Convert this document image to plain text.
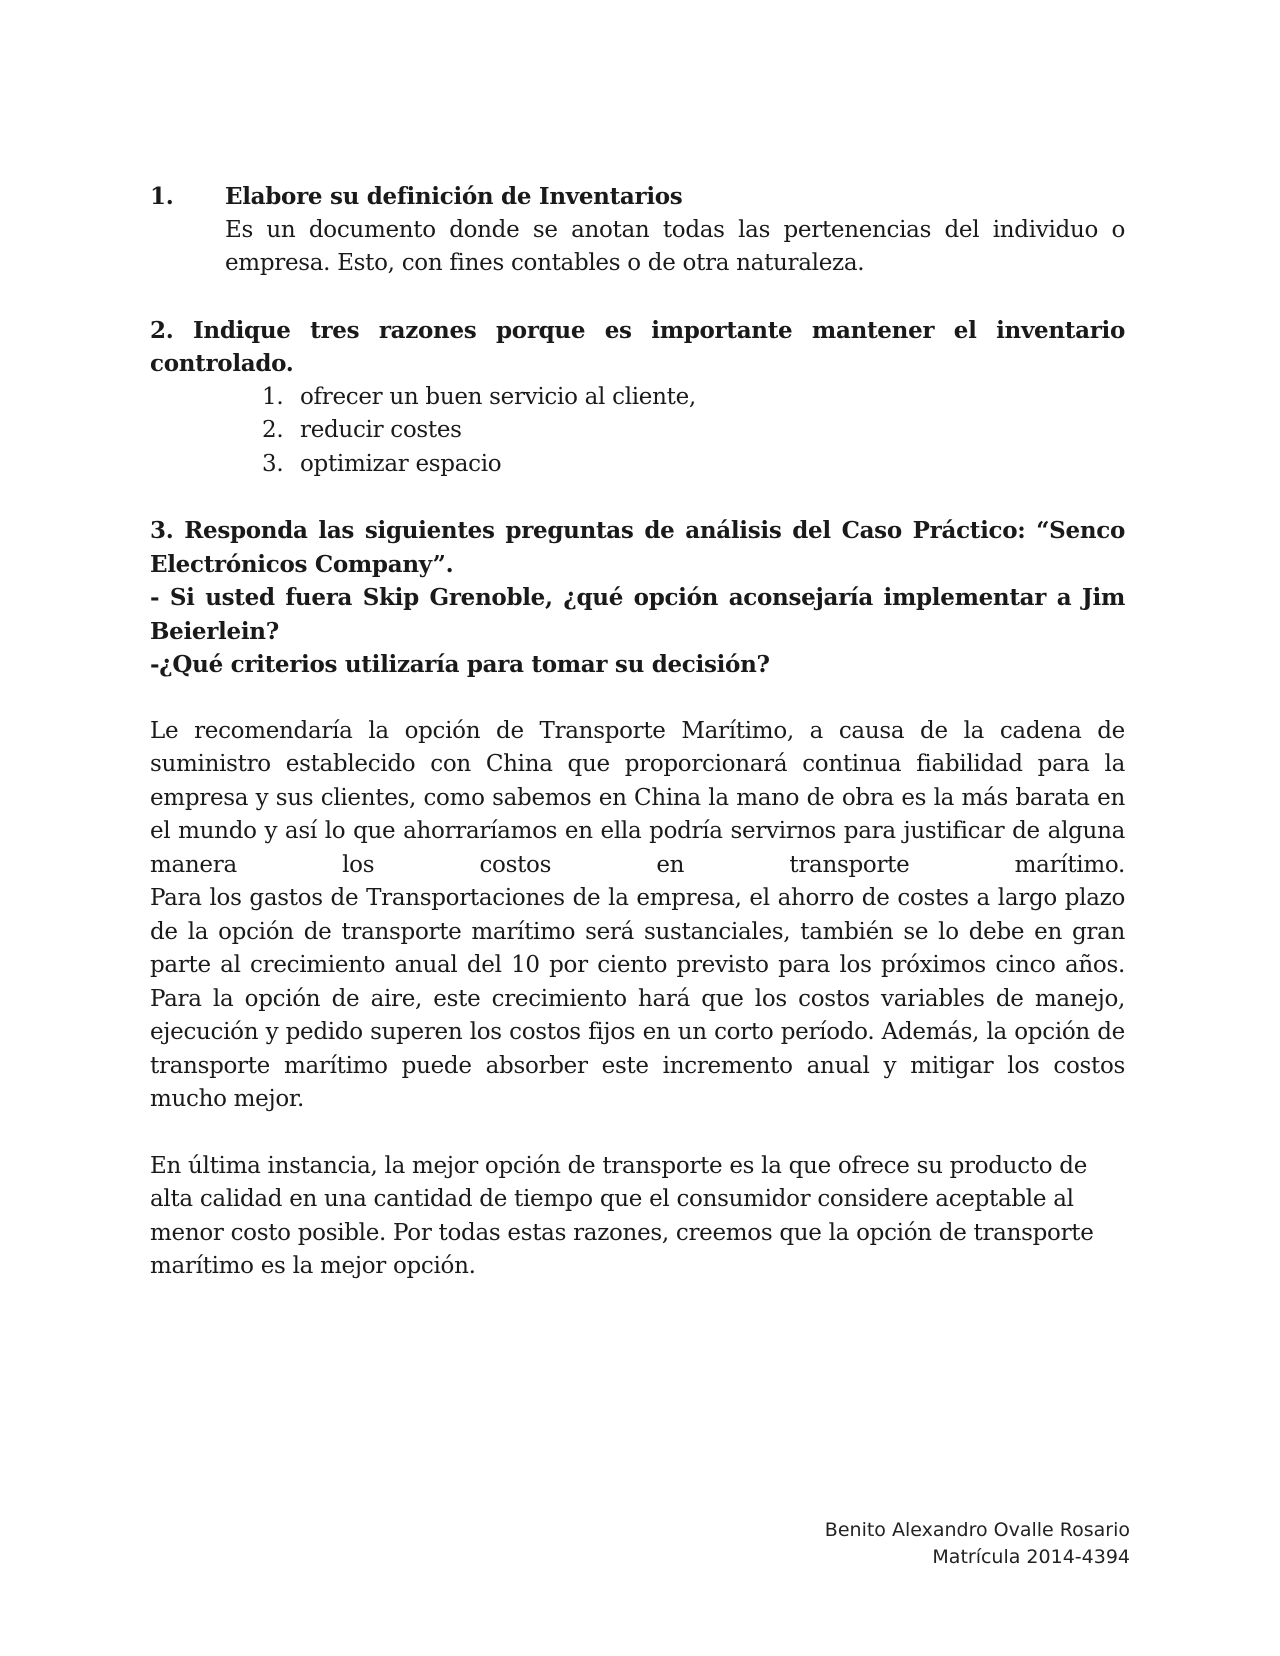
1.	Elabore su definición de Inventarios
Es un documento donde se anotan todas las pertenencias del individuo o empresa. Esto, con fines contables o de otra naturaleza.
2. Indique tres razones porque es importante mantener el inventario controlado.
1. ofrecer un buen servicio al cliente,
2. reducir costes
3. optimizar espacio
3. Responda las siguientes preguntas de análisis del Caso Práctico: “Senco Electrónicos Company”.
- Si usted fuera Skip Grenoble, ¿qué opción aconsejaría implementar a Jim Beierlein?
-¿Qué criterios utilizaría para tomar su decisión?
Le recomendaría la opción de Transporte Marítimo, a causa de la cadena de suministro establecido con China que proporcionará continua fiabilidad para la empresa y sus clientes, como sabemos en China la mano de obra es la más barata en el mundo y así lo que ahorraríamos en ella podría servirnos para justificar de alguna manera los costos en transporte marítimo.
Para los gastos de Transportaciones de la empresa, el ahorro de costes a largo plazo de la opción de transporte marítimo será sustanciales, también se lo debe en gran parte al crecimiento anual del 10 por ciento previsto para los próximos cinco años. Para la opción de aire, este crecimiento hará que los costos variables de manejo, ejecución y pedido superen los costos fijos en un corto período. Además, la opción de transporte marítimo puede absorber este incremento anual y mitigar los costos mucho mejor.
En última instancia, la mejor opción de transporte es la que ofrece su producto de alta calidad en una cantidad de tiempo que el consumidor considere aceptable al menor costo posible. Por todas estas razones, creemos que la opción de transporte marítimo es la mejor opción.
Benito Alexandro Ovalle Rosario
Matrícula 2014-4394
